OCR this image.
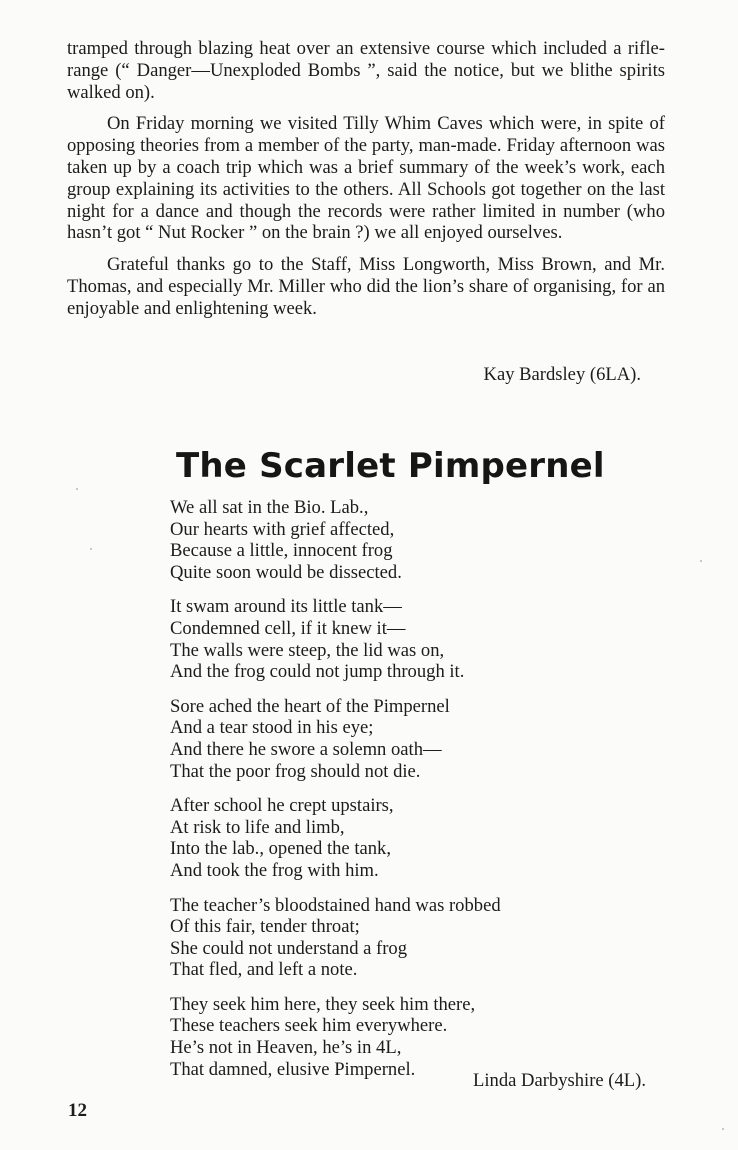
tramped through blazing heat over an extensive course which included a rifle-range (“ Danger—Unexploded Bombs ”, said the notice, but we blithe spirits walked on).

On Friday morning we visited Tilly Whim Caves which were, in spite of opposing theories from a member of the party, man-made. Friday afternoon was taken up by a coach trip which was a brief summary of the week’s work, each group explaining its activities to the others. All Schools got together on the last night for a dance and though the records were rather limited in number (who hasn’t got “ Nut Rocker ” on the brain ?) we all enjoyed ourselves.

Grateful thanks go to the Staff, Miss Longworth, Miss Brown, and Mr. Thomas, and especially Mr. Miller who did the lion’s share of organising, for an enjoyable and enlightening week.

Kay Bardsley (6LA).
The Scarlet Pimpernel
We all sat in the Bio. Lab.,
Our hearts with grief affected,
Because a little, innocent frog
Quite soon would be dissected.
It swam around its little tank—
Condemned cell, if it knew it—
The walls were steep, the lid was on,
And the frog could not jump through it.
Sore ached the heart of the Pimpernel
And a tear stood in his eye;
And there he swore a solemn oath—
That the poor frog should not die.
After school he crept upstairs,
At risk to life and limb,
Into the lab., opened the tank,
And took the frog with him.
The teacher’s bloodstained hand was robbed
Of this fair, tender throat;
She could not understand a frog
That fled, and left a note.
They seek him here, they seek him there,
These teachers seek him everywhere.
He’s not in Heaven, he’s in 4L,
That damned, elusive Pimpernel.
Linda Darbyshire (4L).
12
